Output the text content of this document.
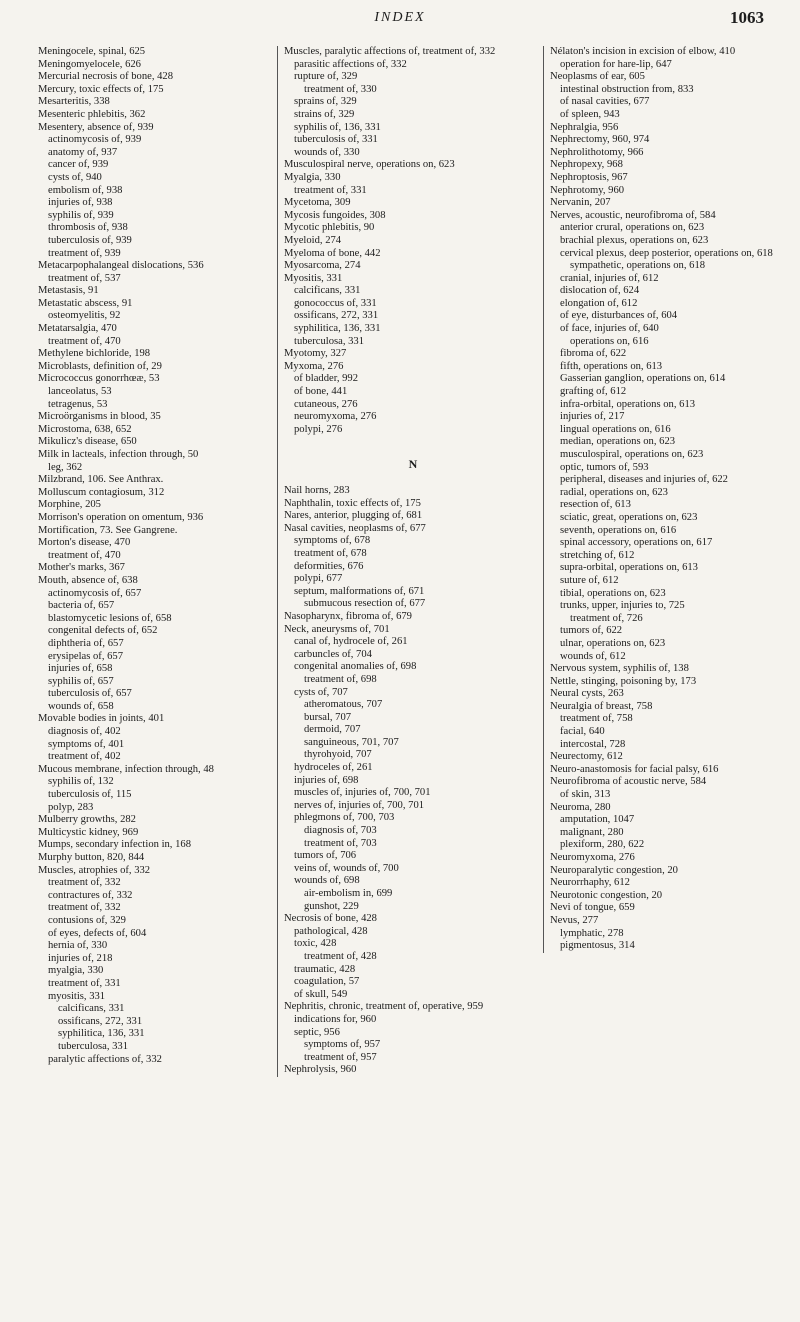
INDEX	1063
Meningocele, spinal, 625
Meningomyelocele, 626
Mercurial necrosis of bone, 428
Mercury, toxic effects of, 175
Mesarteritis, 338
Mesenteric phlebitis, 362
Mesentery, absence of, 939
actinomycosis of, 939
anatomy of, 937
cancer of, 939
cysts of, 940
embolism of, 938
injuries of, 938
syphilis of, 939
thrombosis of, 938
tuberculosis of, 939
treatment of, 939
Metacarpophalangeal dislocations, 536
treatment of, 537
Metastasis, 91
Metastatic abscess, 91
osteomyelitis, 92
Metatarsalgia, 470
treatment of, 470
Methylene bichloride, 198
Microblasts, definition of, 29
Micrococcus gonorrhœæ, 53
lanceolatus, 53
tetragenus, 53
Microörganisms in blood, 35
Microstoma, 638, 652
Mikulicz's disease, 650
Milk in lacteals, infection through, 50
leg, 362
Milzbrand, 106. See Anthrax.
Molluscum contagiosum, 312
Morphine, 205
Morrison's operation on omentum, 936
Mortification, 73. See Gangrene.
Morton's disease, 470
treatment of, 470
Mother's marks, 367
Mouth, absence of, 638
actinomycosis of, 657
bacteria of, 657
blastomycetic lesions of, 658
congenital defects of, 652
diphtheria of, 657
erysipelas of, 657
injuries of, 658
syphilis of, 657
tuberculosis of, 657
wounds of, 658
Movable bodies in joints, 401
diagnosis of, 402
symptoms of, 401
treatment of, 402
Mucous membrane, infection through, 48
syphilis of, 132
tuberculosis of, 115
polyp, 283
Mulberry growths, 282
Multicystic kidney, 969
Mumps, secondary infection in, 168
Murphy button, 820, 844
Muscles, atrophies of, 332
treatment of, 332
contractures of, 332
treatment of, 332
contusions of, 329
of eyes, defects of, 604
hernia of, 330
injuries of, 218
myalgia, 330
treatment of, 331
myositis, 331
calcificans, 331
ossificans, 272, 331
syphilitica, 136, 331
tuberculosa, 331
paralytic affections of, 332
Muscles, paralytic affections of, treatment of, 332
parasitic affections of, 332
rupture of, 329
treatment of, 330
sprains of, 329
strains of, 329
syphilis of, 136, 331
tuberculosis of, 331
wounds of, 330
Musculospiral nerve, operations on, 623
Myalgia, 330
treatment of, 331
Mycetoma, 309
Mycosis fungoides, 308
Mycotic phlebitis, 90
Myeloid, 274
Myeloma of bone, 442
Myosarcoma, 274
Myositis, 331
calcificans, 331
gonococcus of, 331
ossificans, 272, 331
syphilitica, 136, 331
tuberculosa, 331
Myotomy, 327
Myxoma, 276
of bladder, 992
of bone, 441
cutaneous, 276
neuromyxoma, 276
polypi, 276
N
Nail horns, 283
Naphthalin, toxic effects of, 175
Nares, anterior, plugging of, 681
Nasal cavities, neoplasms of, 677
symptoms of, 678
treatment of, 678
deformities, 676
polypi, 677
septum, malformations of, 671
submucous resection of, 677
Nasopharynx, fibroma of, 679
Neck, aneurysms of, 701
canal of, hydrocele of, 261
carbuncles of, 704
congenital anomalies of, 698
treatment of, 698
cysts of, 707
atheromatous, 707
bursal, 707
dermoid, 707
sanguineous, 701, 707
thyrohyoid, 707
hydroceles of, 261
injuries of, 698
muscles of, injuries of, 700, 701
nerves of, injuries of, 700, 701
phlegmons of, 700, 703
diagnosis of, 703
treatment of, 703
tumors of, 706
veins of, wounds of, 700
wounds of, 698
air-embolism in, 699
gunshot, 229
Necrosis of bone, 428
pathological, 428
toxic, 428
treatment of, 428
traumatic, 428
coagulation, 57
of skull, 549
Nephritis, chronic, treatment of, operative, 959
indications for, 960
septic, 956
symptoms of, 957
treatment of, 957
Nephrolysis, 960
Nélaton's incision in excision of elbow, 410
operation for hare-lip, 647
Neoplasms of ear, 605
intestinal obstruction from, 833
of nasal cavities, 677
of spleen, 943
Nephralgia, 956
Nephrectomy, 960, 974
Nephrolithotomy, 966
Nephropexy, 968
Nephroptosis, 967
Nephrotomy, 960
Nervanin, 207
Nerves, acoustic, neurofibroma of, 584
anterior crural, operations on, 623
brachial plexus, operations on, 623
cervical plexus, deep posterior, operations on, 618
sympathetic, operations on, 618
cranial, injuries of, 612
dislocation of, 624
elongation of, 612
of eye, disturbances of, 604
of face, injuries of, 640
operations on, 616
fibroma of, 622
fifth, operations on, 613
Gasserian ganglion, operations on, 614
grafting of, 612
infra-orbital, operations on, 613
injuries of, 217
lingual operations on, 616
median, operations on, 623
musculospiral, operations on, 623
optic, tumors of, 593
peripheral, diseases and injuries of, 622
radial, operations on, 623
resection of, 613
sciatic, great, operations on, 623
seventh, operations on, 616
spinal accessory, operations on, 617
stretching of, 612
supra-orbital, operations on, 613
suture of, 612
tibial, operations on, 623
trunks, upper, injuries to, 725
treatment of, 726
tumors of, 622
ulnar, operations on, 623
wounds of, 612
Nervous system, syphilis of, 138
Nettle, stinging, poisoning by, 173
Neural cysts, 263
Neuralgia of breast, 758
treatment of, 758
facial, 640
intercostal, 728
Neurectomy, 612
Neuro-anastomosis for facial palsy, 616
Neurofibroma of acoustic nerve, 584
of skin, 313
Neuroma, 280
amputation, 1047
malignant, 280
plexiform, 280, 622
Neuromyxoma, 276
Neuroparalytic congestion, 20
Neurorrhaphy, 612
Neurotonic congestion, 20
Nevi of tongue, 659
Nevus, 277
lymphatic, 278
pigmentosus, 314
